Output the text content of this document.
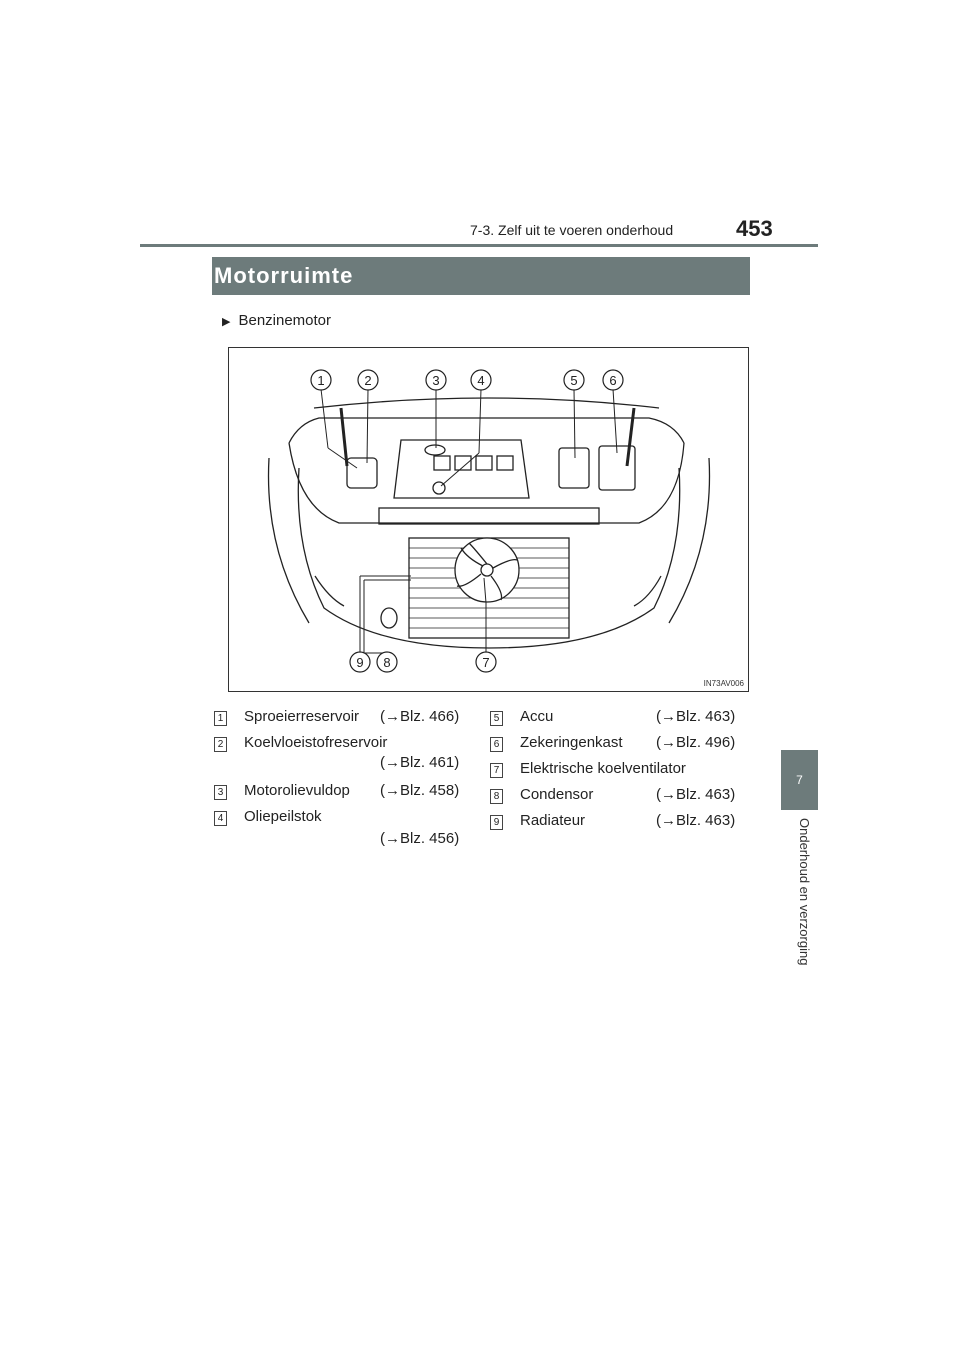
7-3. Zelf uit te voeren onderhoud	453
7
Onderhoud en verzorging
Motorruimte
▶ Benzinemotor
1	2	3	4	5 6
7
8
9
IN73AV006
1 Sproeierreservoir (→Blz. 466)
2 Koelvloeistofreservoir
(→Blz. 461)
3 Motorolievuldop (→Blz. 458)
4 Oliepeilstok
(→Blz. 456)
5 Accu	(→Blz. 463)
6 Zekeringenkast (→Blz. 496)
7 Elektrische koelventilator
8 Condensor	(→Blz. 463)
9 Radiateur	(→Blz. 463)
